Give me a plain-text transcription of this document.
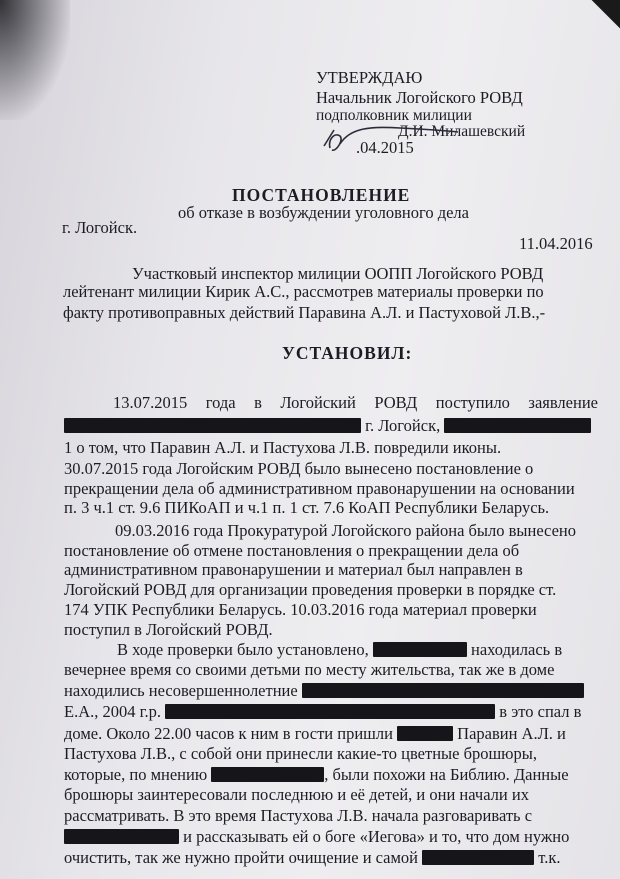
УТВЕРЖДАЮ
Начальник Логойского РОВД
подполковник милиции
Д.И. Милашевский
.04.2015
ПОСТАНОВЛЕНИЕ
об отказе в возбуждении уголовного дела
г. Логойск.
11.04.2016
Участковый инспектор милиции ООПП Логойского РОВД
лейтенант милиции Кирик А.С., рассмотрев материалы проверки по
факту противоправных действий Паравина А.Л. и Пастуховой Л.В.,-
УСТАНОВИЛ:
13.07.2015 года в Логойский РОВД поступило заявление
г. Логойск,
1 о том, что Паравин А.Л. и Пастухова Л.В. повредили иконы.
30.07.2015 года Логойским РОВД было вынесено постановление о
прекращении дела об административном правонарушении на основании
п. 3 ч.1 ст. 9.6 ПИКоАП и ч.1 п. 1 ст. 7.6 КоАП Республики Беларусь.
09.03.2016 года Прокуратурой Логойского района было вынесено
постановление об отмене постановления о прекращении дела об
административном правонарушении и материал был направлен в
Логойский РОВД для организации проведения проверки в порядке ст.
174 УПК Республики Беларусь. 10.03.2016 года материал проверки
поступил в Логойский РОВД.
В ходе проверки было установлено,	находилась в
вечернее время со своими детьми по месту жительства, так же в доме
находились несовершеннолетние
Е.А., 2004 г.р.	в это спал в
доме. Около 22.00 часов к ним в гости пришли	Паравин А.Л. и
Пастухова Л.В., с собой они принесли какие-то цветные брошюры,
которые, по мнению	, были похожи на Библию. Данные
брошюры заинтересовали последнюю и её детей, и они начали их
рассматривать. В это время Пастухова Л.В. начала разговаривать с
и рассказывать ей о боге «Иегова» и то, что дом нужно
очистить, так же нужно пройти очищение и самой	т.к.
